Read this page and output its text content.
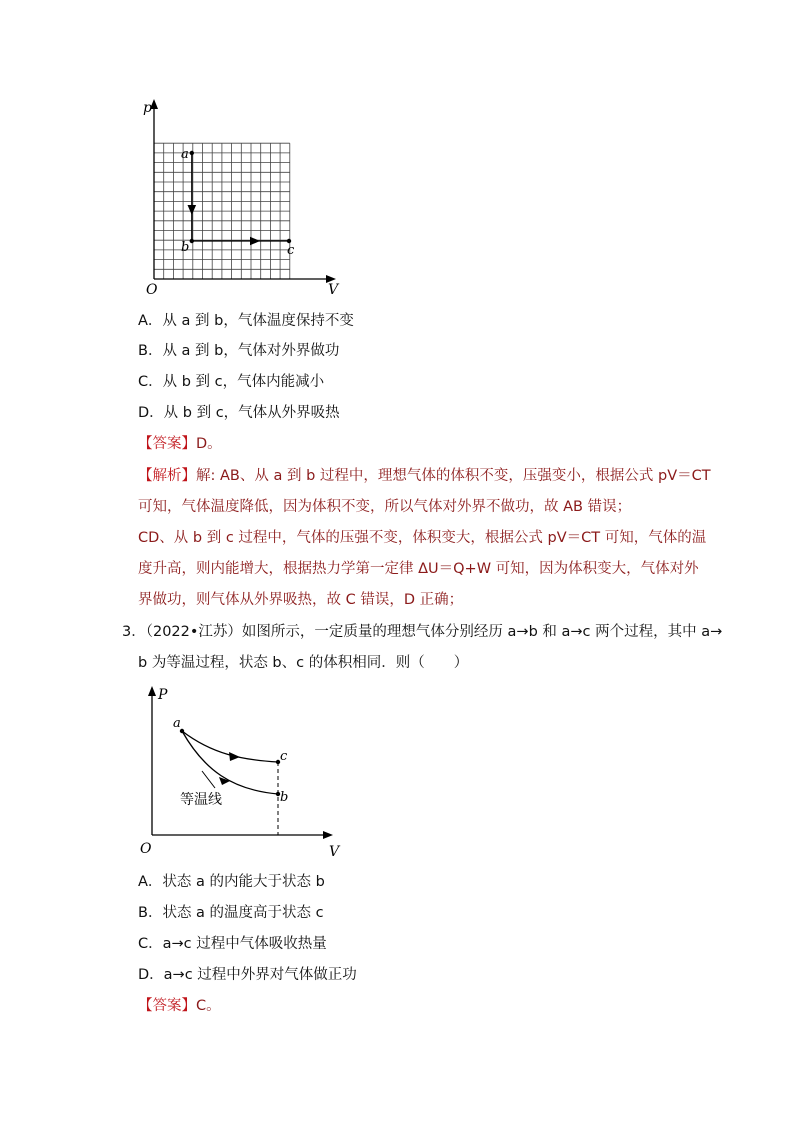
p
V
O
a
b	c
A．从 a 到 b，气体温度保持不变
B．从 a 到 b，气体对外界做功
C．从 b 到 c，气体内能减小
D．从 b 到 c，气体从外界吸热
【答案】D。
【解析】解: AB、从 a 到 b 过程中，理想气体的体积不变，压强变小，根据公式 pV＝CT
可知，气体温度降低，因为体积不变，所以气体对外界不做功，故 AB 错误；
CD、从 b 到 c 过程中，气体的压强不变，体积变大，根据公式 pV＝CT 可知，气体的温
度升高，则内能增大，根据热力学第一定律 ΔU＝Q+W 可知，因为体积变大，气体对外
界做功，则气体从外界吸热，故 C 错误，D 正确；
3．（2022•江苏）如图所示，一定质量的理想气体分别经历 a→b 和 a→c 两个过程，其中 a→
b 为等温过程，状态 b、c 的体积相同．则（　　）
P
V
O
a
c
b
等温线
A．状态 a 的内能大于状态 b
B．状态 a 的温度高于状态 c
C．a→c 过程中气体吸收热量
D．a→c 过程中外界对气体做正功
【答案】C。
